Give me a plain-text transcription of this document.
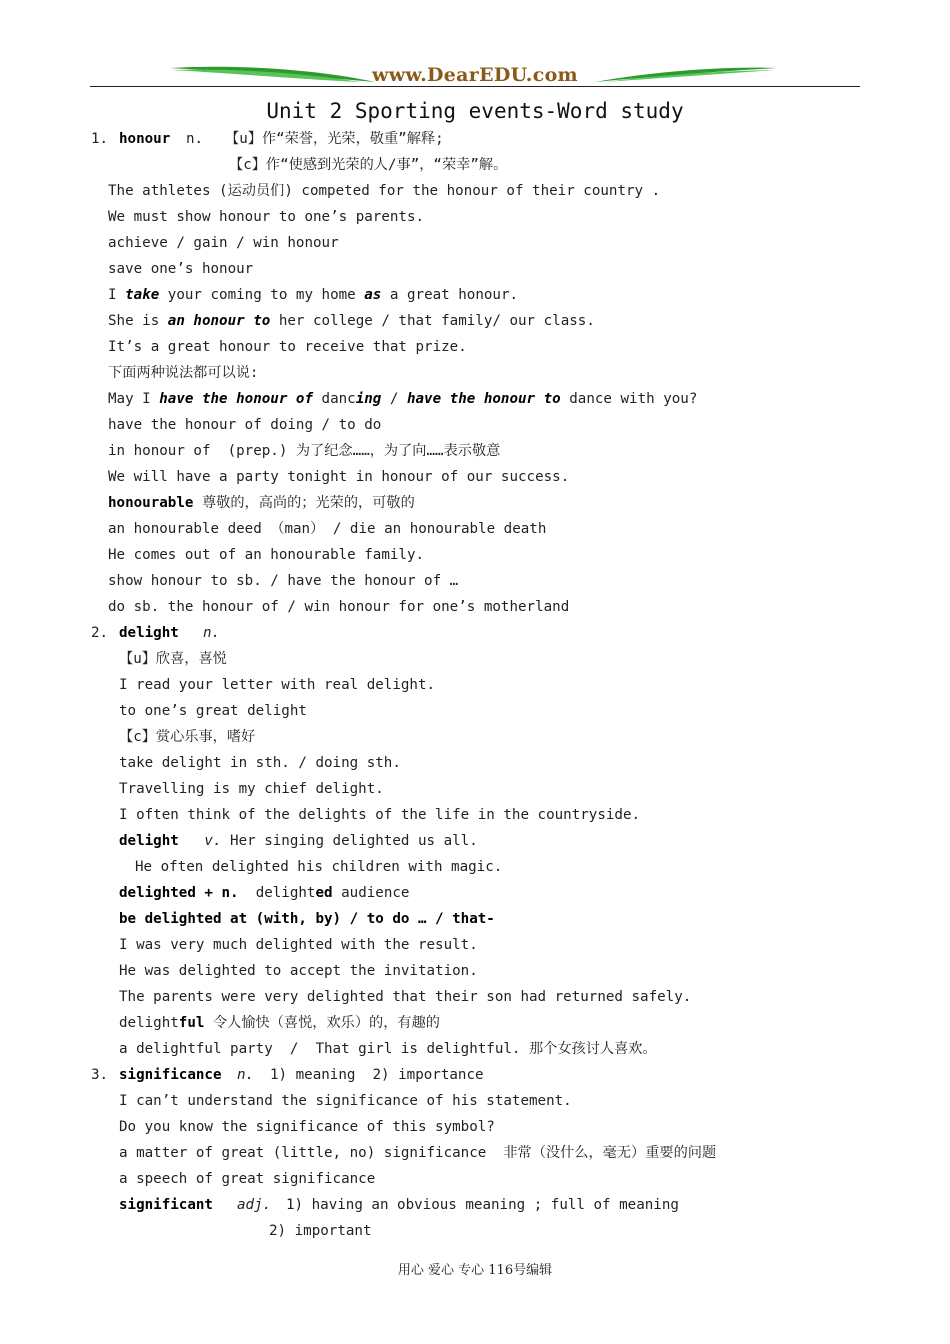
www.DearEDU.com
Unit 2 Sporting events-Word study
1. honour n. 【u】作“荣誉，光荣，敬重”解释;
【c】作“使感到光荣的人/事”，“荣幸”解。
The athletes (运动员们) competed for the honour of their country .
We must show honour to one’s parents.
achieve / gain / win honour
save one’s honour
I take your coming to my home as a great honour.
She is an honour to her college / that family/ our class.
It’s a great honour to receive that prize.
下面两种说法都可以说:
May I have the honour of dancing / have the honour to dance with you?
have the honour of doing / to do
in honour of  (prep.) 为了纪念……，为了向……表示敬意
We will have a party tonight in honour of our success.
honourable 尊敬的，高尚的；光荣的，可敬的
an honourable deed （man） / die an honourable death
He comes out of an honourable family.
show honour to sb. / have the honour of …
do sb. the honour of / win honour for one’s motherland
2. delight n.
【u】欣喜，喜悦
I read your letter with real delight.
to one’s great delight
【c】赏心乐事，嗜好
take delight in sth. / doing sth.
Travelling is my chief delight.
I often think of the delights of the life in the countryside.
delight v. Her singing delighted us all.
He often delighted his children with magic.
delighted + n. delighted audience
be delighted at (with, by) / to do … / that-
I was very much delighted with the result.
He was delighted to accept the invitation.
The parents were very delighted that their son had returned safely.
delightful 令人愉快（喜悦，欢乐）的，有趣的
a delightful party  /  That girl is delightful. 那个女孩讨人喜欢。
3. significance n. 1) meaning  2) importance
I can’t understand the significance of his statement.
Do you know the significance of this symbol?
a matter of great (little, no) significance  非常（没什么，毫无）重要的问题
a speech of great significance
significant adj. 1) having an obvious meaning ; full of meaning
2) important
用心 爱心 专心 116号编辑
